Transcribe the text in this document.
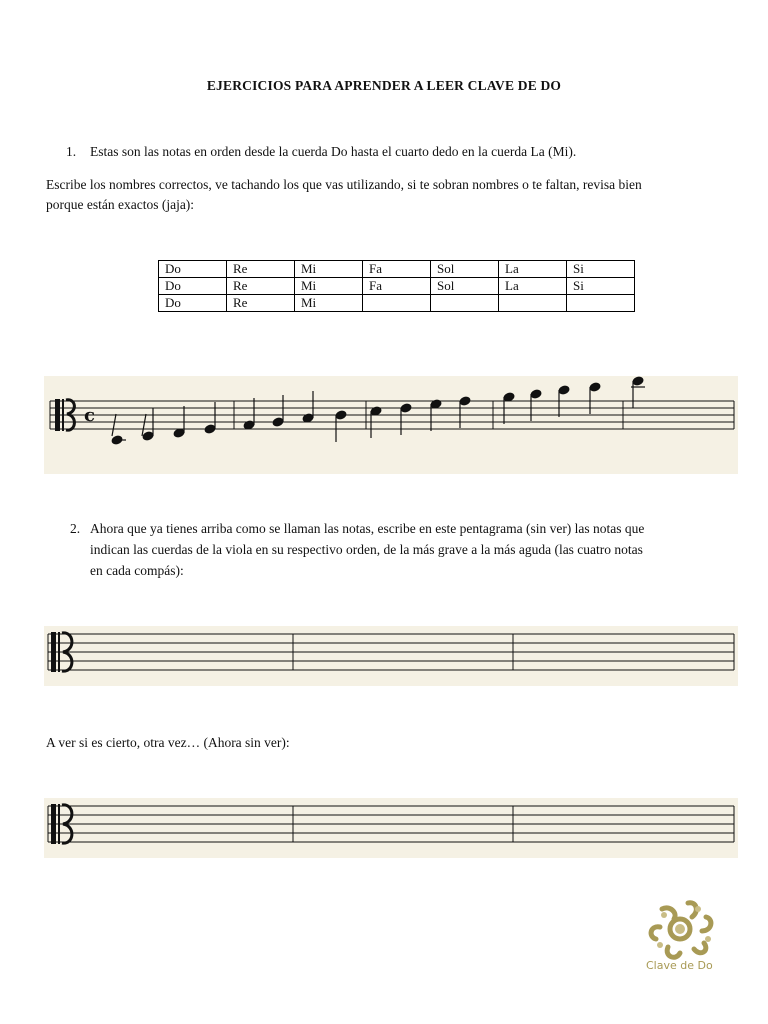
EJERCICIOS PARA APRENDER A LEER CLAVE DE DO
1. Estas son las notas en orden desde la cuerda Do hasta el cuarto dedo en la cuerda La (Mi).
Escribe los nombres correctos, ve tachando los que vas utilizando, si te sobran nombres o te faltan, revisa bien
porque están exactos (jaja):
Do	Re	Mi	Fa	Sol	La	Si
Do	Re	Mi	Fa	Sol	La	Si
Do	Re	Mi				
c
2. Ahora que ya tienes arriba como se llaman las notas, escribe en este pentagrama (sin ver) las notas que
indican las cuerdas de la viola en su respectivo orden, de la más grave a la más aguda (las cuatro notas
en cada compás):
A ver si es cierto, otra vez… (Ahora sin ver):
Clave de Do
